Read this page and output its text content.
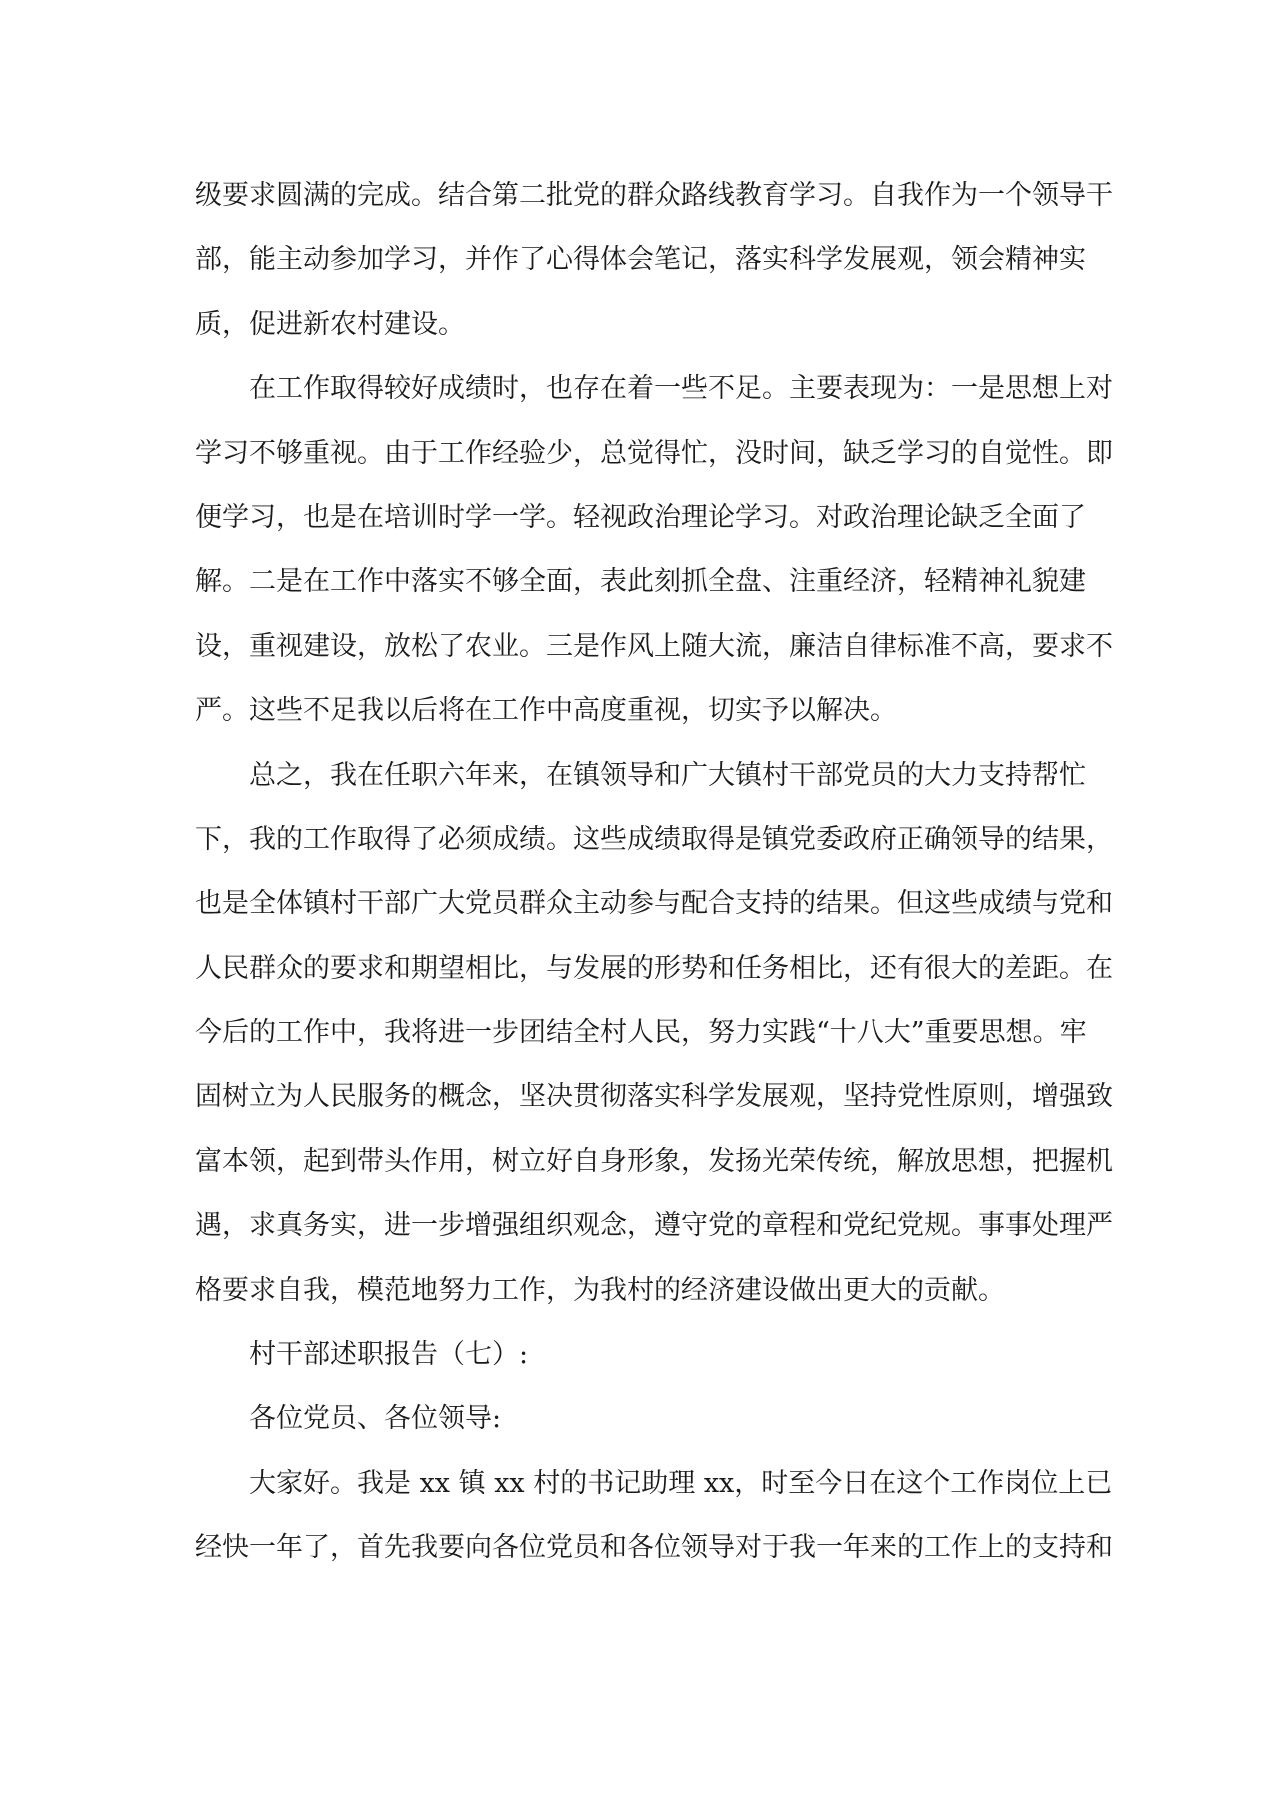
级要求圆满的完成。结合第二批党的群众路线教育学习。自我作为一个领导干
部，能主动参加学习，并作了心得体会笔记，落实科学发展观，领会精神实
质，促进新农村建设。
在工作取得较好成绩时，也存在着一些不足。主要表现为：一是思想上对
学习不够重视。由于工作经验少，总觉得忙，没时间，缺乏学习的自觉性。即
便学习，也是在培训时学一学。轻视政治理论学习。对政治理论缺乏全面了
解。二是在工作中落实不够全面，表此刻抓全盘、注重经济，轻精神礼貌建
设，重视建设，放松了农业。三是作风上随大流，廉洁自律标准不高，要求不
严。这些不足我以后将在工作中高度重视，切实予以解决。
总之，我在任职六年来，在镇领导和广大镇村干部党员的大力支持帮忙
下，我的工作取得了必须成绩。这些成绩取得是镇党委政府正确领导的结果，
也是全体镇村干部广大党员群众主动参与配合支持的结果。但这些成绩与党和
人民群众的要求和期望相比，与发展的形势和任务相比，还有很大的差距。在
今后的工作中，我将进一步团结全村人民，努力实践“十八大”重要思想。牢
固树立为人民服务的概念，坚决贯彻落实科学发展观，坚持党性原则，增强致
富本领，起到带头作用，树立好自身形象，发扬光荣传统，解放思想，把握机
遇，求真务实，进一步增强组织观念，遵守党的章程和党纪党规。事事处理严
格要求自我，模范地努力工作，为我村的经济建设做出更大的贡献。
村干部述职报告（七）:
各位党员、各位领导:
大家好。我是 xx 镇 xx 村的书记助理 xx，时至今日在这个工作岗位上已
经快一年了，首先我要向各位党员和各位领导对于我一年来的工作上的支持和
